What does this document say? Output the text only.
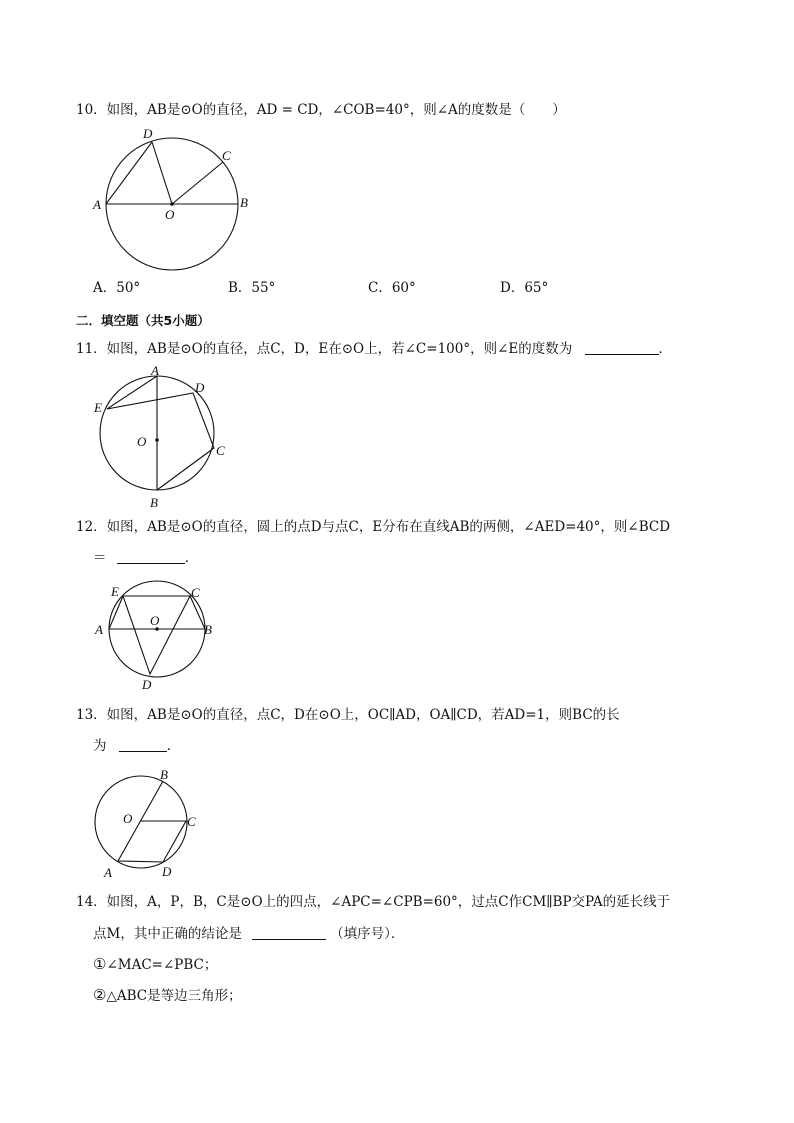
10．如图，AB是⊙O的直径，AD = CD，∠COB=40°，则∠A的度数是（　　）
A	B
C
D
O
A．50°	B．55°	C．60°	D．65°
二．填空题（共5小题）
11．如图，AB是⊙O的直径，点C，D，E在⊙O上，若∠C=100°，则∠E的度数为	．
A
B
C
D
E
O
12．如图，AB是⊙O的直径，圆上的点D与点C，E分布在直线AB的两侧，∠AED=40°，则∠BCD
＝	．
A	B
C
D
E
O
13．如图，AB是⊙O的直径，点C，D在⊙O上，OC∥AD，OA∥CD，若AD=1，则BC的长
为	．
A
B
C
D
O
14．如图，A，P，B，C是⊙O上的四点，∠APC=∠CPB=60°，过点C作CM∥BP交PA的延长线于
点M，其中正确的结论是	（填序号）．
①∠MAC=∠PBC；
②△ABC是等边三角形；
